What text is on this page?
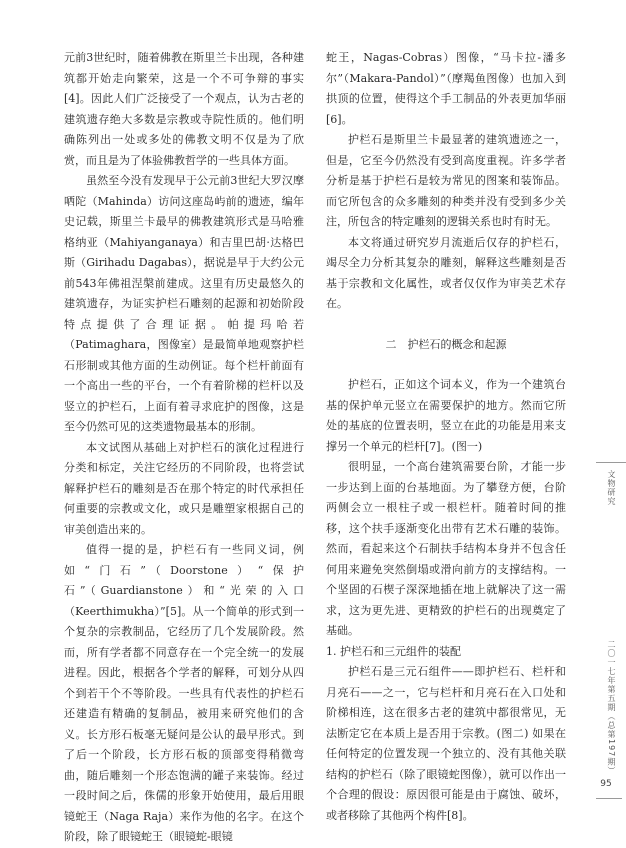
元前3世纪时，随着佛教在斯里兰卡出现，各种建筑都开始走向繁荣，这是一个不可争辩的事实[4]。因此人们广泛接受了一个观点，认为古老的建筑遗存绝大多数是宗教或寺院性质的。他们明确陈列出一处或多处的佛教文明不仅是为了欣赏，而且是为了体验佛教哲学的一些具体方面。

虽然至今没有发现早于公元前3世纪大罗汉摩哂陀（Mahinda）访问这座岛屿前的遗迹，编年史记载，斯里兰卡最早的佛教建筑形式是马哈雅格纳亚（Mahiyanganaya）和吉里巴胡·达格巴斯（Girihadu Dagabas），据说是早于大约公元前543年佛祖涅槃前建成。这里有历史最悠久的建筑遗存，为证实护栏石雕刻的起源和初始阶段特点提供了合理证据。帕提玛哈若（Patimaghara，图像室）是最简单地观察护栏石形制或其他方面的生动例证。每个栏杆前面有一个高出一些的平台，一个有着阶梯的栏杆以及竖立的护栏石，上面有着寻求庇护的图像，这是至今仍然可见的这类遗物最基本的形制。

本文试图从基础上对护栏石的演化过程进行分类和标定，关注它经历的不同阶段，也将尝试解释护栏石的雕刻是否在那个特定的时代承担任何重要的宗教或文化，或只是雕塑家根据自己的审美创造出来的。

值得一提的是，护栏石有一些同义词，例如“门石”（Doorstone）“保护石”（Guardianstone）和“光荣的入口（Keerthimukha）”[5]。从一个简单的形式到一个复杂的宗教制品，它经历了几个发展阶段。然而，所有学者都不同意存在一个完全统一的发展进程。因此，根据各个学者的解释，可划分从四个到若干个不等阶段。一些具有代表性的护栏石还建造有精确的复制品，被用来研究他们的含义。长方形石板毫无疑问是公认的最早形式。到了后一个阶段，长方形石板的顶部变得稍微弯曲，随后雕刻一个形态饱满的罐子来装饰。经过一段时间之后，侏儒的形象开始使用，最后用眼镜蛇王（Naga Raja）来作为他的名字。在这个阶段，除了眼镜蛇王（眼镜蛇-眼镜

蛇王，Nagas-Cobras）图像，“马卡拉-潘多尔”（Makara-Pandol）”（摩羯鱼图像）也加入到拱顶的位置，使得这个手工制品的外表更加华丽[6]。

护栏石是斯里兰卡最显著的建筑遗迹之一，但是，它至今仍然没有受到高度重视。许多学者分析是基于护栏石是较为常见的图案和装饰品。而它所包含的众多雕刻的种类并没有受到多少关注，所包含的特定雕刻的逻辑关系也时有时无。

本文将通过研究岁月流逝后仅存的护栏石，竭尽全力分析其复杂的雕刻，解释这些雕刻是否基于宗教和文化属性，或者仅仅作为审美艺术存在。

二　护栏石的概念和起源

护栏石，正如这个词本义，作为一个建筑台基的保护单元竖立在需要保护的地方。然而它所处的基底的位置表明，竖立在此的功能是用来支撑另一个单元的栏杆[7]。(图一)

很明显，一个高台建筑需要台阶，才能一步一步达到上面的台基地面。为了攀登方便，台阶两侧会立一根柱子或一根栏杆。随着时间的推移，这个扶手逐渐变化出带有艺术石雕的装饰。然而，看起来这个石制扶手结构本身并不包含任何用来避免突然倒塌或滑向前方的支撑结构。一个坚固的石楔子深深地插在地上就解决了这一需求，这为更先进、更精致的护栏石的出现奠定了基础。

1. 护栏石和三元组件的装配

护栏石是三元石组件——即护栏石、栏杆和月亮石——之一，它与栏杆和月亮石在入口处和阶梯相连，这在很多古老的建筑中都很常见，无法断定它在本质上是否用于宗教。(图二) 如果在任何特定的位置发现一个独立的、没有其他关联结构的护栏石（除了眼镜蛇图像），就可以作出一个合理的假设：原因很可能是由于腐蚀、破坏，或者移除了其他两个构件[8]。

文物研究
二〇一七年第五期（总第197期）
95
